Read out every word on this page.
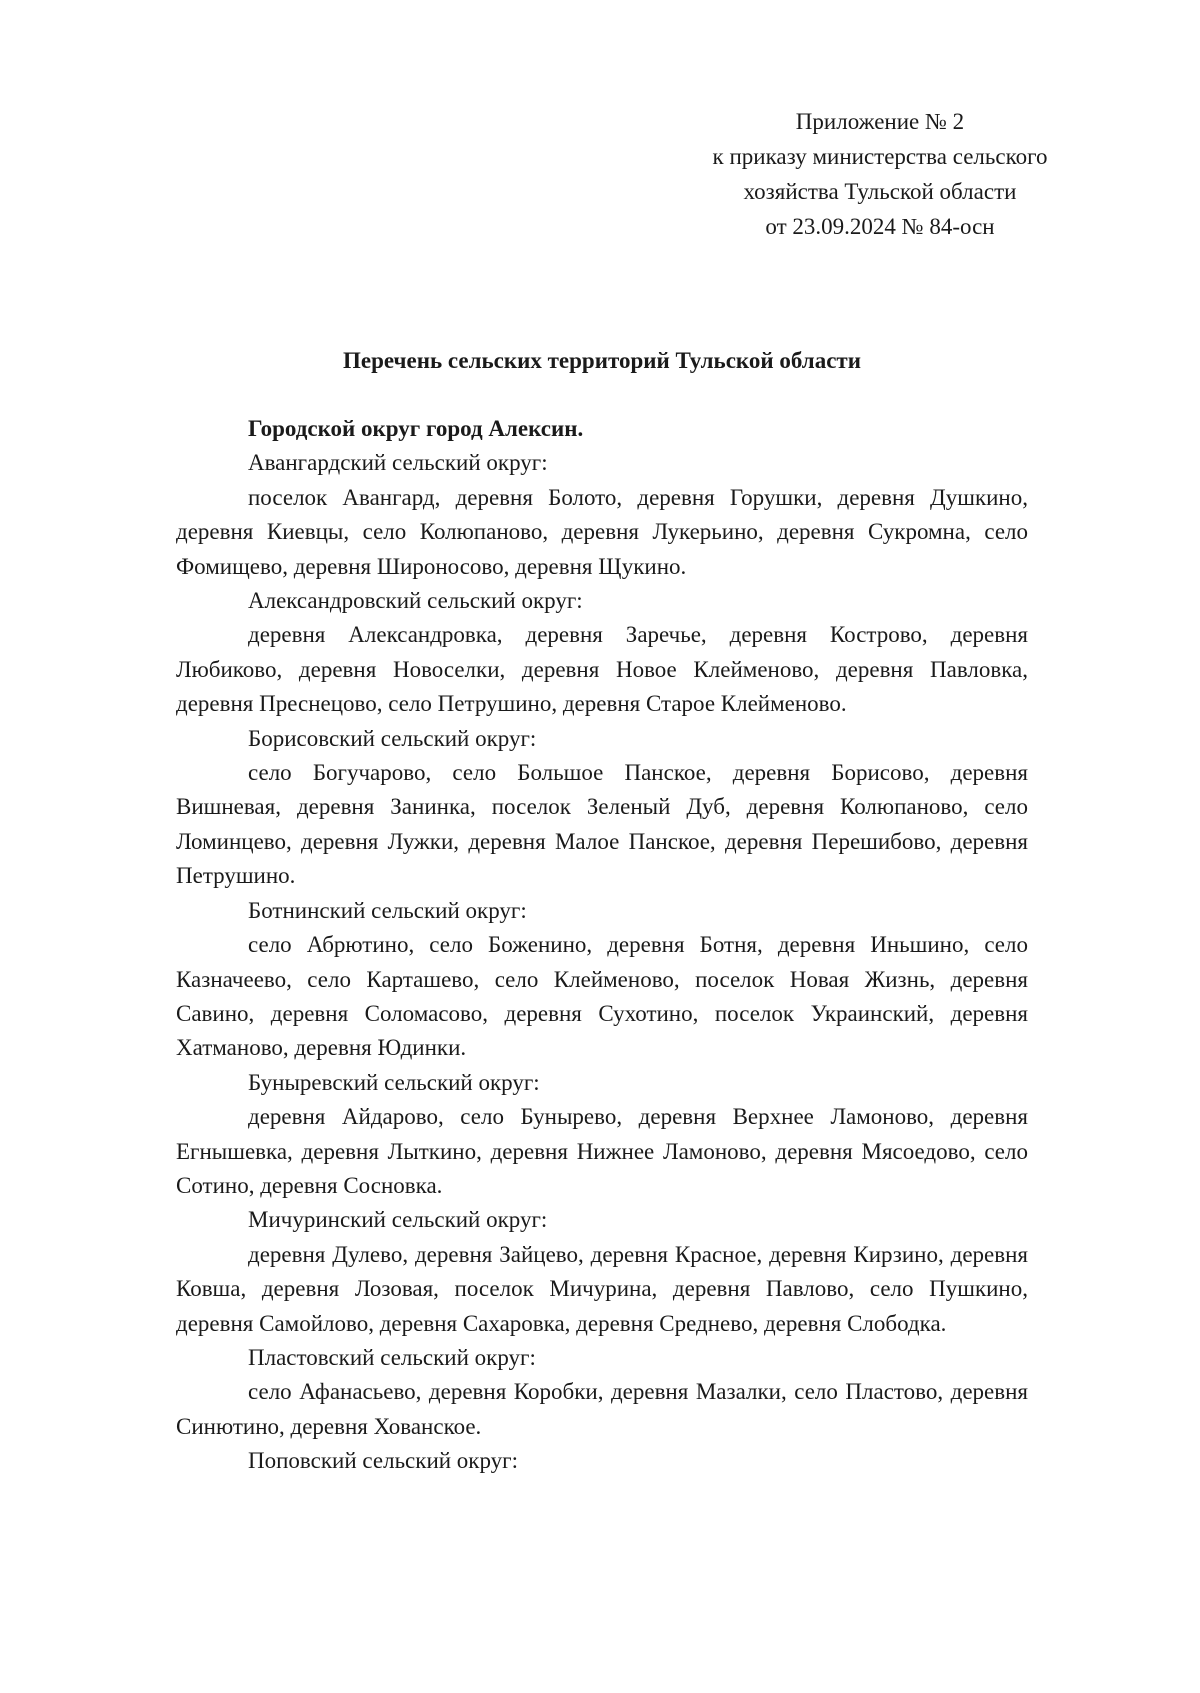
Приложение № 2
к приказу министерства сельского
хозяйства Тульской области
от 23.09.2024 № 84-осн
Перечень сельских территорий Тульской области

Городской округ город Алексин.

Авангардский сельский округ:

поселок Авангард, деревня Болото, деревня Горушки, деревня Душкино, деревня Киевцы, село Колюпаново, деревня Лукерьино, деревня Сукромна, село Фомищево, деревня Широносово, деревня Щукино.

Александровский сельский округ:

деревня Александровка, деревня Заречье, деревня Кострово, деревня Любиково, деревня Новоселки, деревня Новое Клейменово, деревня Павловка, деревня Преснецово, село Петрушино, деревня Старое Клейменово.

Борисовский сельский округ:

село Богучарово, село Большое Панское, деревня Борисово, деревня Вишневая, деревня Занинка, поселок Зеленый Дуб, деревня Колюпаново, село Ломинцево, деревня Лужки, деревня Малое Панское, деревня Перешибово, деревня Петрушино.

Ботнинский сельский округ:

село Абрютино, село Боженино, деревня Ботня, деревня Иньшино, село Казначеево, село Карташево, село Клейменово, поселок Новая Жизнь, деревня Савино, деревня Соломасово, деревня Сухотино, поселок Украинский, деревня Хатманово, деревня Юдинки.

Буныревский сельский округ:

деревня Айдарово, село Бунырево, деревня Верхнее Ламоново, деревня Егнышевка, деревня Лыткино, деревня Нижнее Ламоново, деревня Мясоедово, село Сотино, деревня Сосновка.

Мичуринский сельский округ:

деревня Дулево, деревня Зайцево, деревня Красное, деревня Кирзино, деревня Ковша, деревня Лозовая, поселок Мичурина, деревня Павлово, село Пушкино, деревня Самойлово, деревня Сахаровка, деревня Среднево, деревня Слободка.

Пластовский сельский округ:

село Афанасьево, деревня Коробки, деревня Мазалки, село Пластово, деревня Синютино, деревня Хованское.

Поповский сельский округ:
